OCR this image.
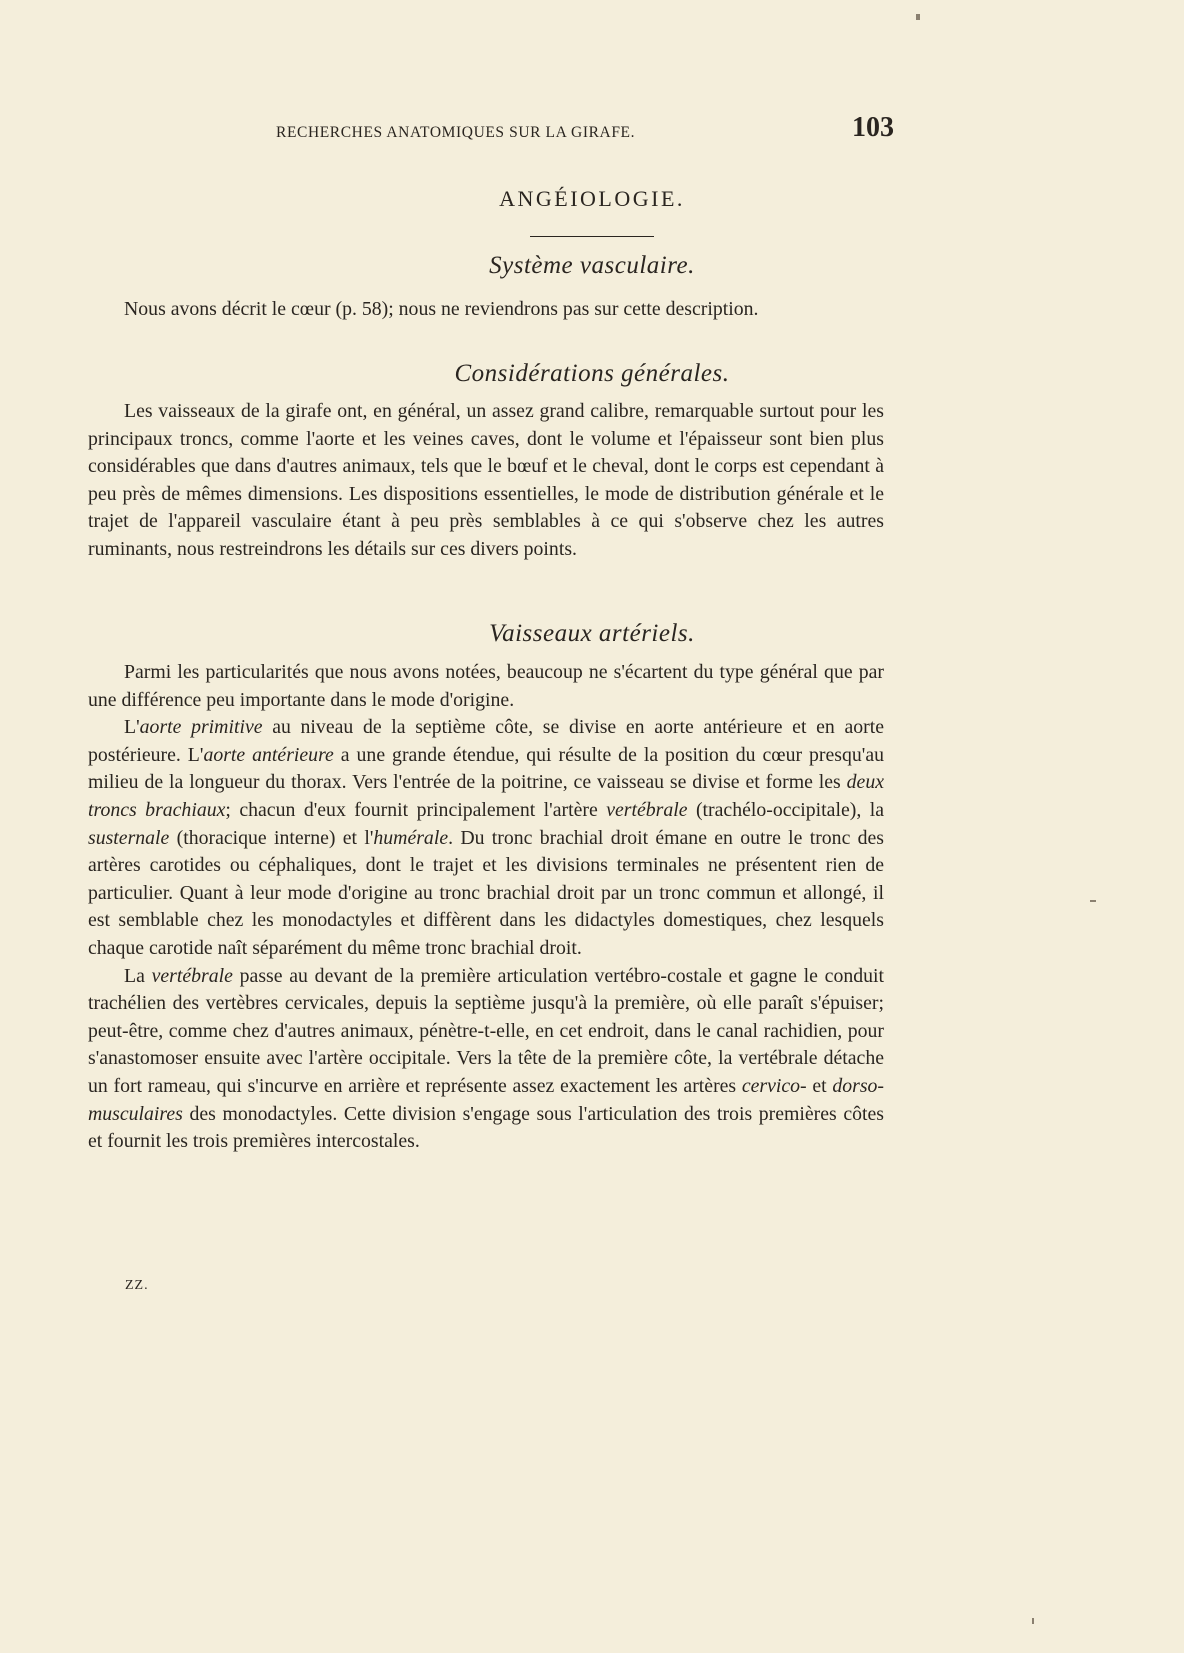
RECHERCHES ANATOMIQUES SUR LA GIRAFE.	103
ANGÉIOLOGIE.
Système vasculaire.

Nous avons décrit le cœur (p. 58); nous ne reviendrons pas sur cette description.

Considérations générales.

Les vaisseaux de la girafe ont, en général, un assez grand calibre, remarquable surtout pour les principaux troncs, comme l'aorte et les veines caves, dont le volume et l'épaisseur sont bien plus considérables que dans d'autres animaux, tels que le bœuf et le cheval, dont le corps est cependant à peu près de mêmes dimensions. Les dispositions essentielles, le mode de distribution générale et le trajet de l'appareil vasculaire étant à peu près semblables à ce qui s'observe chez les autres ruminants, nous restreindrons les détails sur ces divers points.

Vaisseaux artériels.

Parmi les particularités que nous avons notées, beaucoup ne s'écartent du type général que par une différence peu importante dans le mode d'origine.

L'aorte primitive au niveau de la septième côte, se divise en aorte antérieure et en aorte postérieure. L'aorte antérieure a une grande étendue, qui résulte de la position du cœur presqu'au milieu de la longueur du thorax. Vers l'entrée de la poitrine, ce vaisseau se divise et forme les deux troncs brachiaux; chacun d'eux fournit principalement l'artère vertébrale (trachélo-occipitale), la susternale (thoracique interne) et l'humérale. Du tronc brachial droit émane en outre le tronc des artères carotides ou céphaliques, dont le trajet et les divisions terminales ne présentent rien de particulier. Quant à leur mode d'origine au tronc brachial droit par un tronc commun et allongé, il est semblable chez les monodactyles et diffèrent dans les didactyles domestiques, chez lesquels chaque carotide naît séparément du même tronc brachial droit.

La vertébrale passe au devant de la première articulation vertébro-costale et gagne le conduit trachélien des vertèbres cervicales, depuis la septième jusqu'à la première, où elle paraît s'épuiser; peut-être, comme chez d'autres animaux, pénètre-t-elle, en cet endroit, dans le canal rachidien, pour s'anastomoser ensuite avec l'artère occipitale. Vers la tête de la première côte, la vertébrale détache un fort rameau, qui s'incurve en arrière et représente assez exactement les artères cervico- et dorso-musculaires des monodactyles. Cette division s'engage sous l'articulation des trois premières côtes et fournit les trois premières intercostales.

ZZ.
